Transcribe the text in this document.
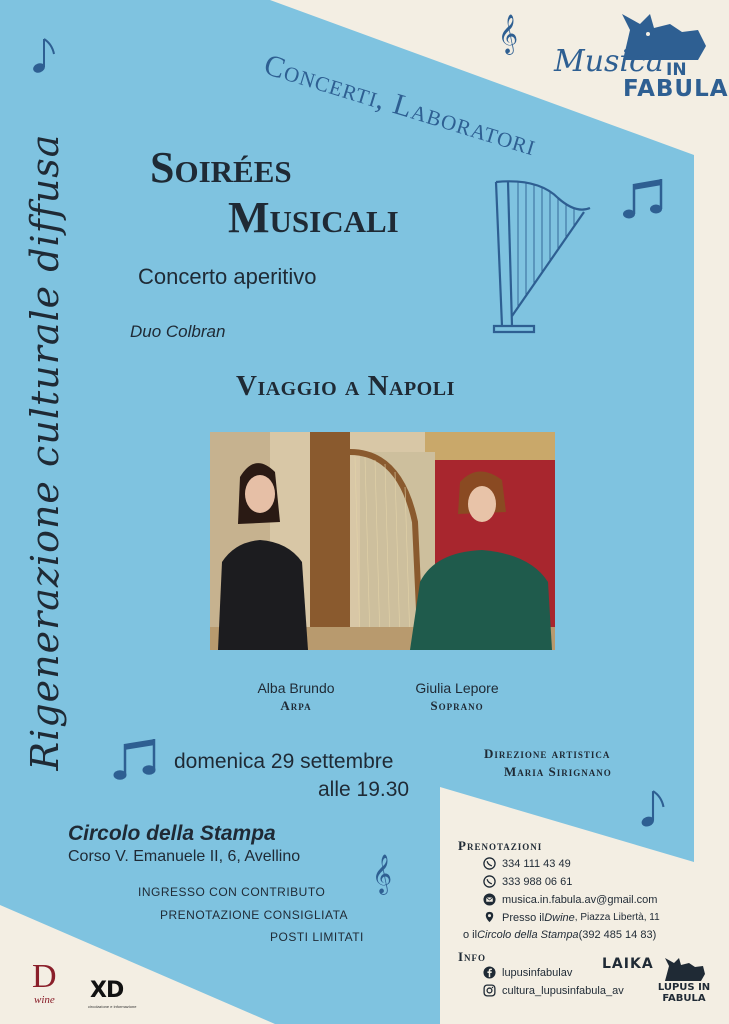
Rigenerazione culturale diffusa
Concerti, Laboratori Musica IN
FABULA
𝄞
𝄞
Soirées
Musicali
Concerto aperitivo
Duo Colbran
Viaggio a Napoli
Alba Brundo
Arpa
Giulia Lepore
Soprano
domenica 29 settembre
alle 19.30
Direzione artistica
Maria Sirignano
Circolo della Stampa
Corso V. Emanuele II, 6, Avellino
INGRESSO CON CONTRIBUTO
PRENOTAZIONE CONSIGLIATA
POSTI LIMITATI
Prenotazioni
334 111 43 49
333 988 06 61
musica.in.fabula.av@gmail.com
Presso il Dwine , Piazza Libertà, 11
o il Circolo della Stampa (392 485 14 83)
Info
lupusinfabulav
cultura_lupusinfabula_av
D
wine XD
circolazione e informazione
LAIKA
LUPUS IN
FABULA
